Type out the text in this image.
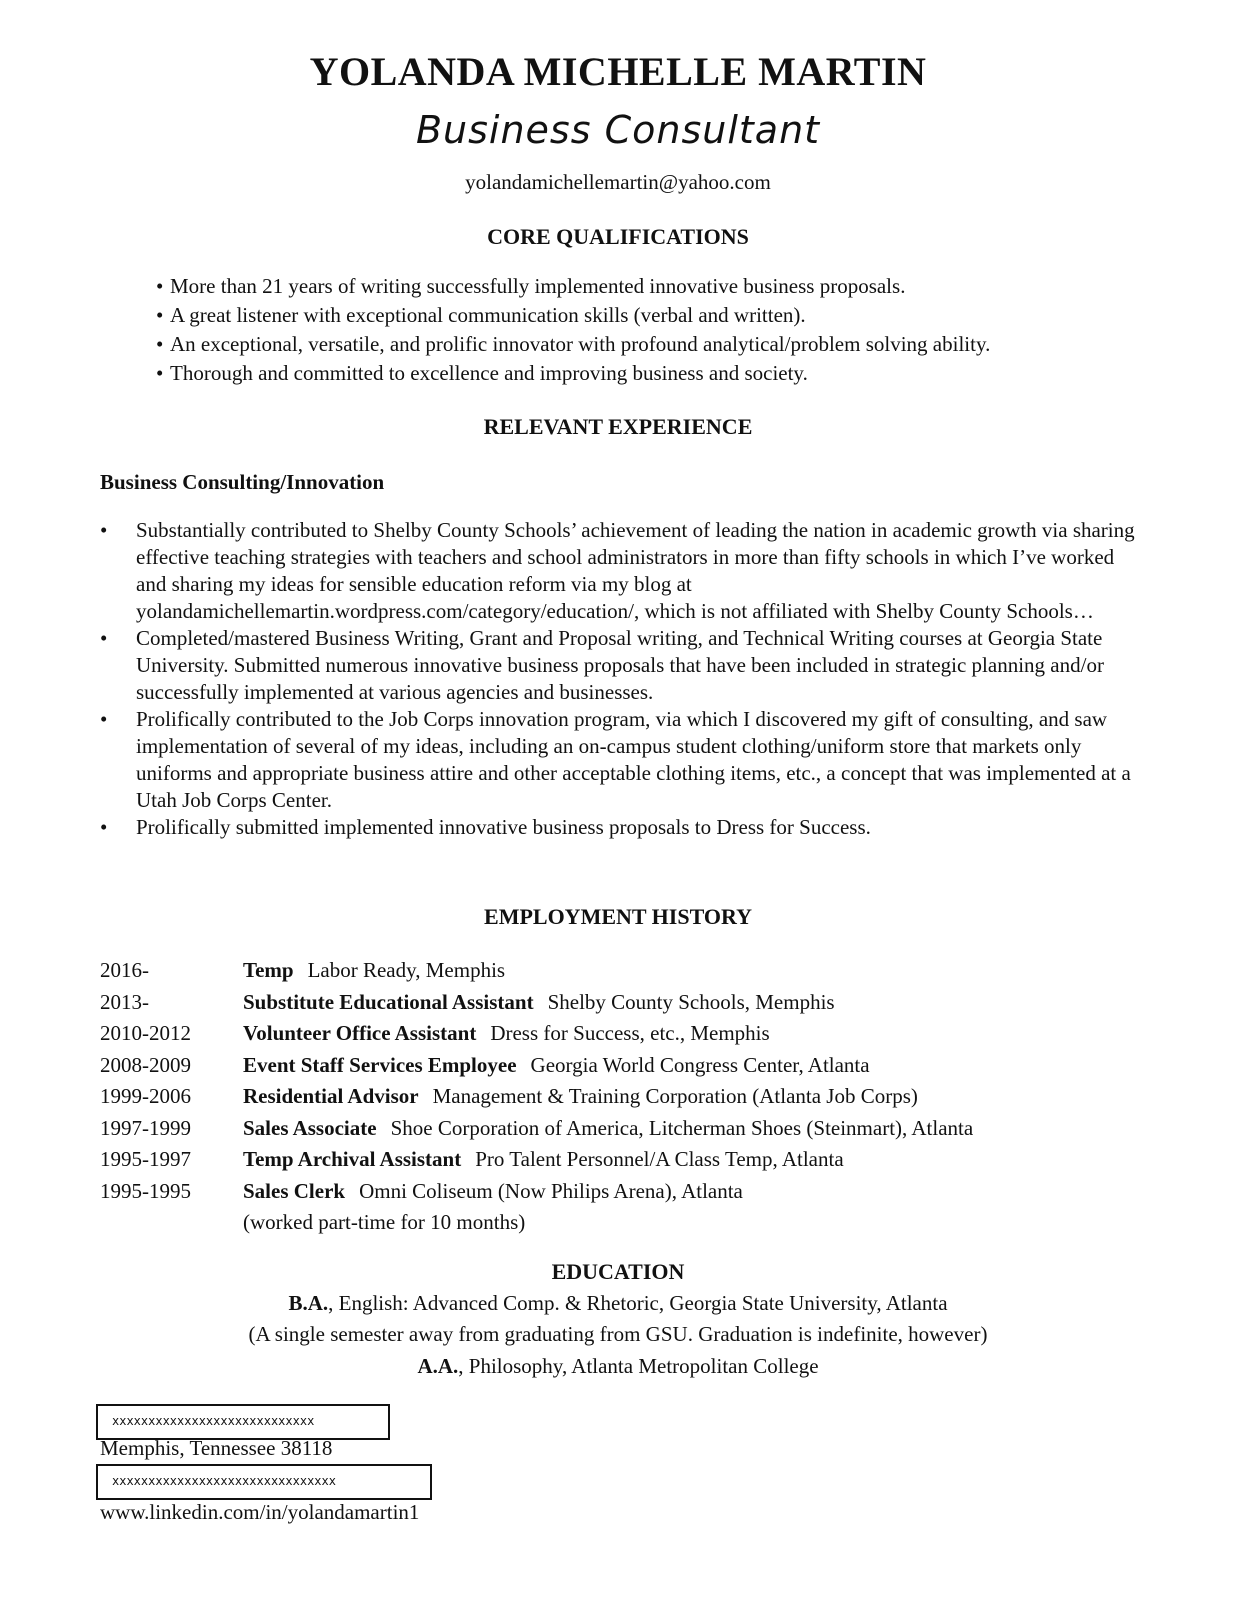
YOLANDA MICHELLE MARTIN
Business Consultant
yolandamichellemartin@yahoo.com
CORE QUALIFICATIONS
• More than 21 years of writing successfully implemented innovative business proposals.
• A great listener with exceptional communication skills (verbal and written).
• An exceptional, versatile, and prolific innovator with profound analytical/problem solving ability.
• Thorough and committed to excellence and improving business and society.
RELEVANT EXPERIENCE
Business Consulting/Innovation
• Substantially contributed to Shelby County Schools’ achievement of leading the nation in academic growth via sharing effective teaching strategies with teachers and school administrators in more than fifty schools in which I’ve worked and sharing my ideas for sensible education reform via my blog at yolandamichellemartin.wordpress.com/category/education/, which is not affiliated with Shelby County Schools…
• Completed/mastered Business Writing, Grant and Proposal writing, and Technical Writing courses at Georgia State University. Submitted numerous innovative business proposals that have been included in strategic planning and/or successfully implemented at various agencies and businesses.
• Prolifically contributed to the Job Corps innovation program, via which I discovered my gift of consulting, and saw implementation of several of my ideas, including an on-campus student clothing/uniform store that markets only uniforms and appropriate business attire and other acceptable clothing items, etc., a concept that was implemented at a Utah Job Corps Center.
• Prolifically submitted implemented innovative business proposals to Dress for Success.
EMPLOYMENT HISTORY
2016-	Temp Labor Ready, Memphis
2013-	Substitute Educational Assistant Shelby County Schools, Memphis
2010-2012 Volunteer Office Assistant Dress for Success, etc., Memphis
2008-2009 Event Staff Services Employee Georgia World Congress Center, Atlanta
1999-2006 Residential Advisor Management & Training Corporation (Atlanta Job Corps)
1997-1999 Sales Associate Shoe Corporation of America, Litcherman Shoes (Steinmart), Atlanta
1995-1997 Temp Archival Assistant Pro Talent Personnel/A Class Temp, Atlanta
1995-1995 Sales Clerk Omni Coliseum (Now Philips Arena), Atlanta
(worked part-time for 10 months)
EDUCATION
B.A., English: Advanced Comp. & Rhetoric, Georgia State University, Atlanta
(A single semester away from graduating from GSU. Graduation is indefinite, however)
A.A., Philosophy, Atlanta Metropolitan College
xxxxxxxxxxxxxxxxxxxxxxxxxxxx
Memphis, Tennessee 38118
xxxxxxxxxxxxxxxxxxxxxxxxxxxxxxx
www.linkedin.com/in/yolandamartin1
